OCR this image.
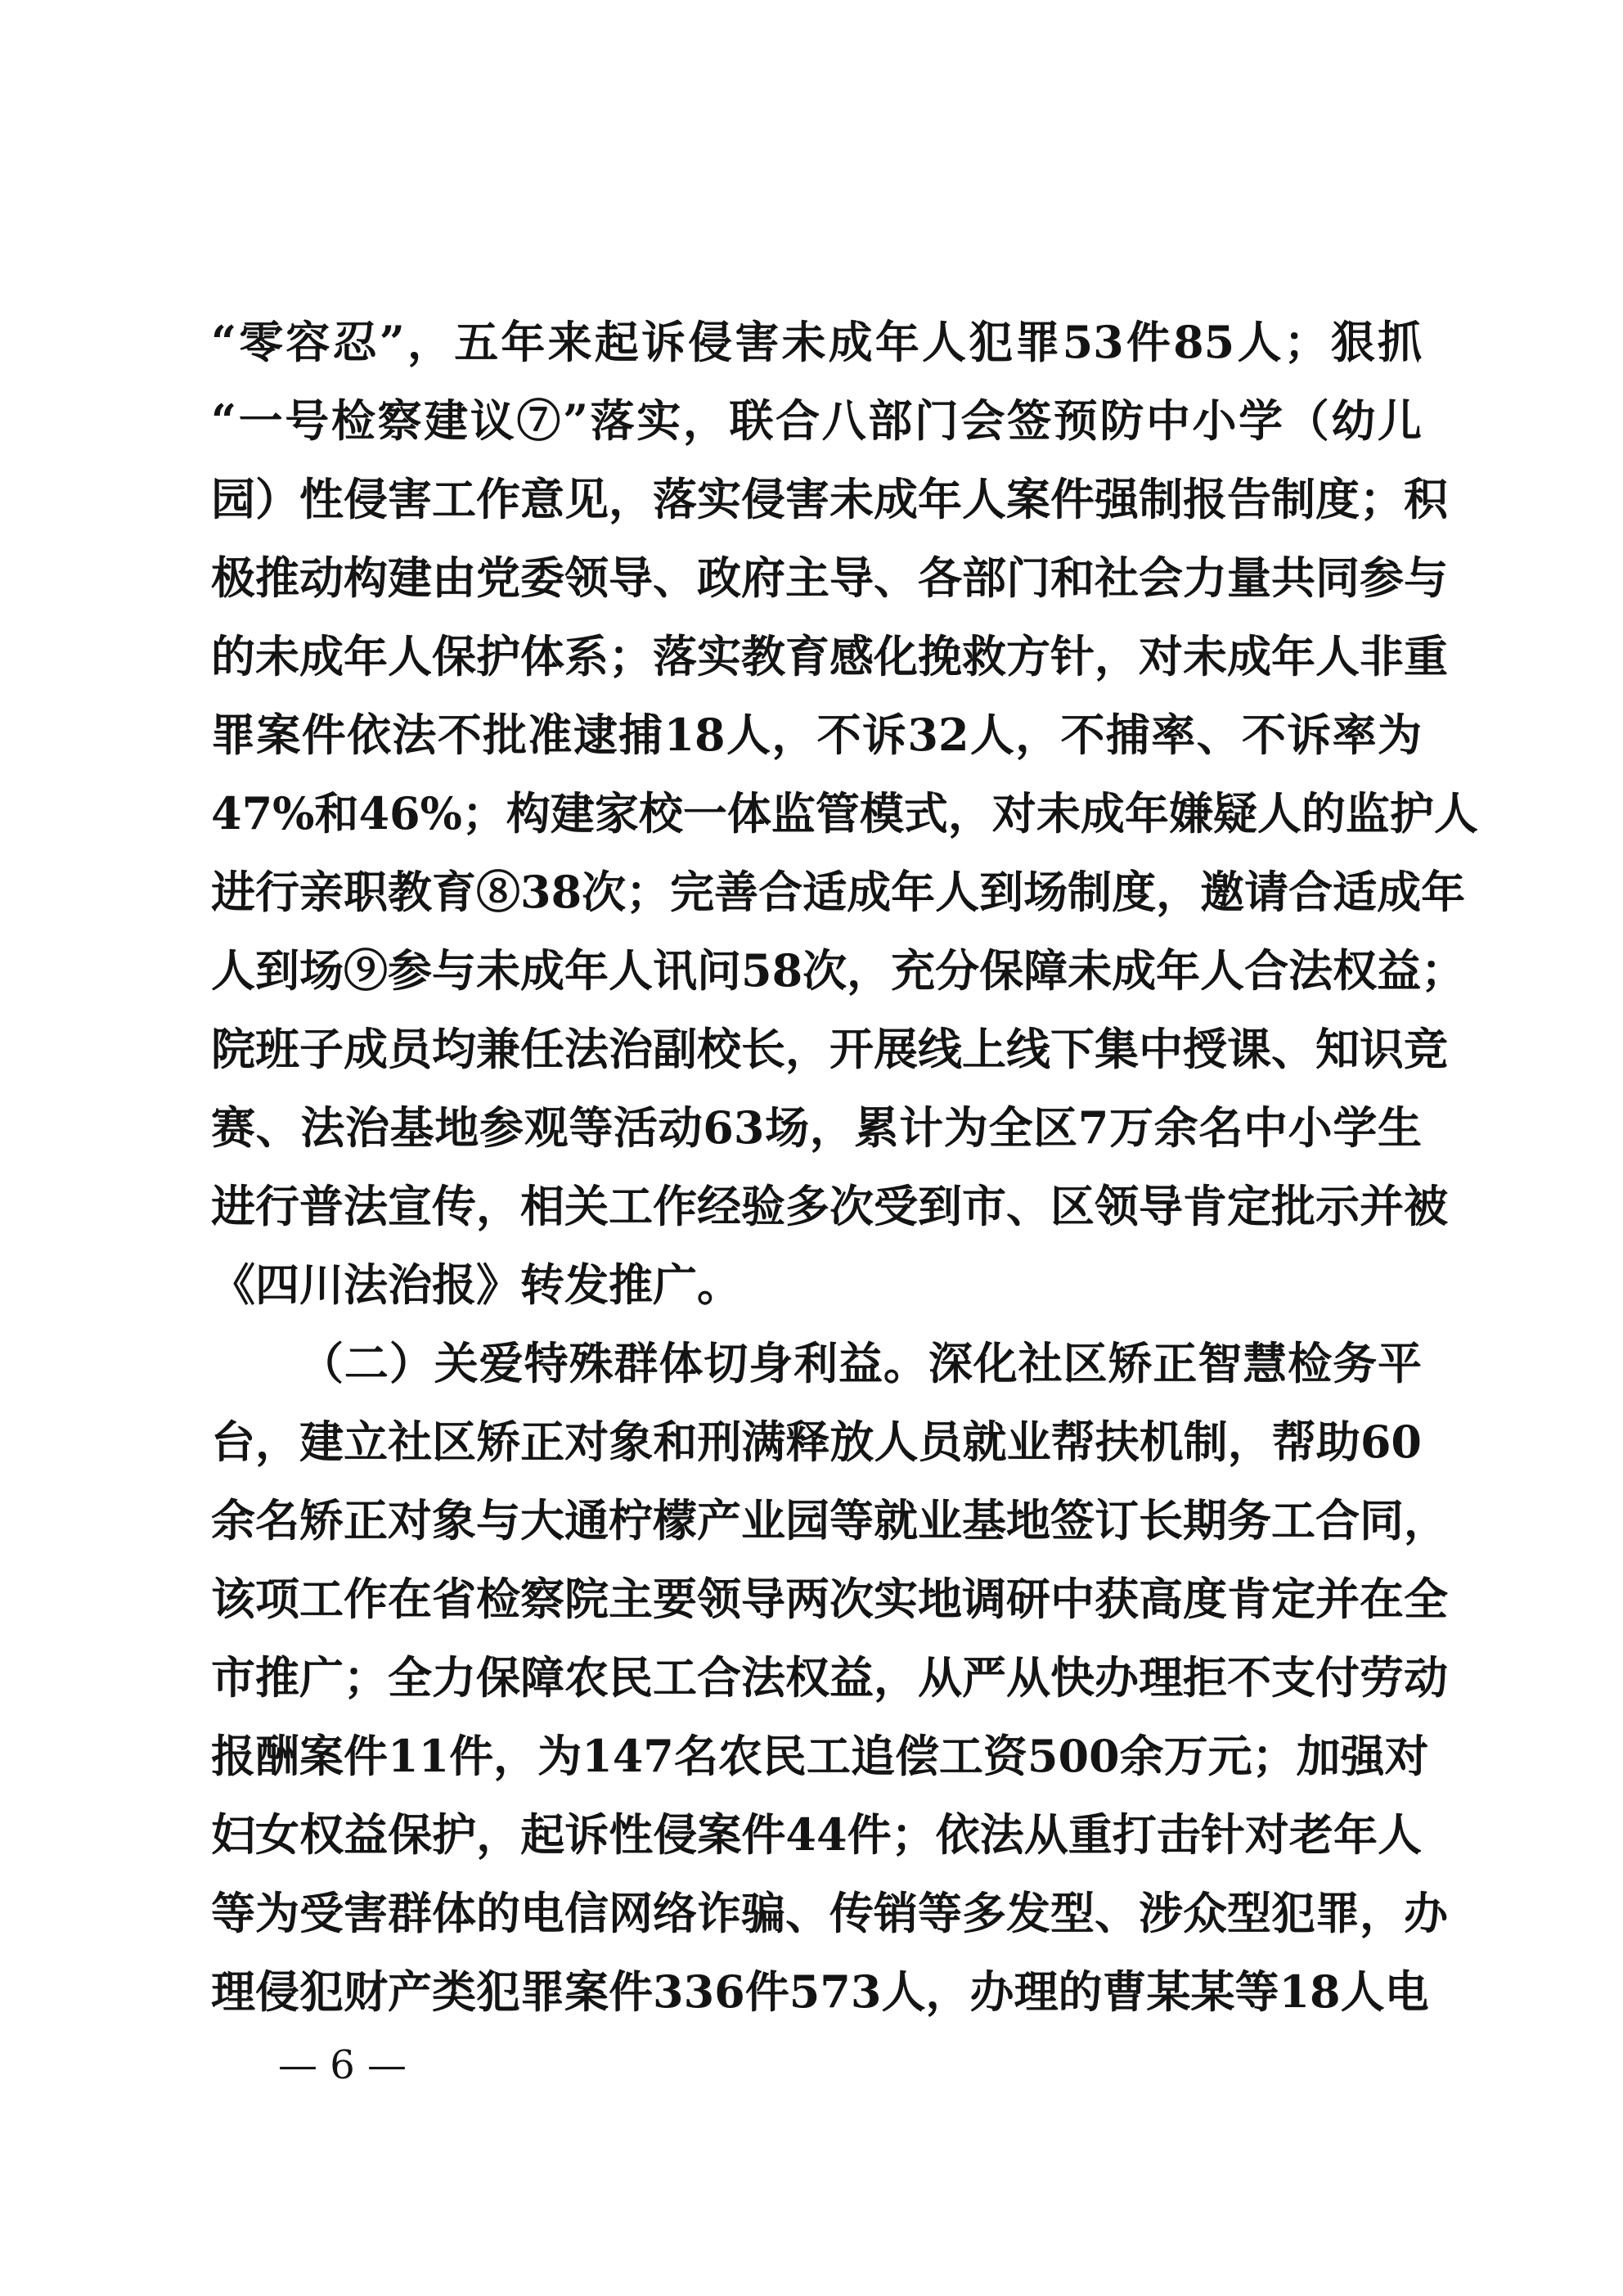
“零容忍”，五年来起诉侵害未成年人犯罪53件85人；狠抓
“一号检察建议⑦”落实，联合八部门会签预防中小学（幼儿
园）性侵害工作意见，落实侵害未成年人案件强制报告制度；积
极推动构建由党委领导、政府主导、各部门和社会力量共同参与
的未成年人保护体系；落实教育感化挽救方针，对未成年人非重
罪案件依法不批准逮捕18人，不诉32人，不捕率、不诉率为
47%和46%；构建家校一体监管模式，对未成年嫌疑人的监护人
进行亲职教育⑧38次；完善合适成年人到场制度，邀请合适成年
人到场⑨参与未成年人讯问58次，充分保障未成年人合法权益；
院班子成员均兼任法治副校长，开展线上线下集中授课、知识竞
赛、法治基地参观等活动63场，累计为全区7万余名中小学生
进行普法宣传，相关工作经验多次受到市、区领导肯定批示并被
《四川法治报》转发推广。
（二）关爱特殊群体切身利益。深化社区矫正智慧检务平
台，建立社区矫正对象和刑满释放人员就业帮扶机制，帮助60
余名矫正对象与大通柠檬产业园等就业基地签订长期务工合同，
该项工作在省检察院主要领导两次实地调研中获高度肯定并在全
市推广；全力保障农民工合法权益，从严从快办理拒不支付劳动
报酬案件11件，为147名农民工追偿工资500余万元；加强对
妇女权益保护，起诉性侵案件44件；依法从重打击针对老年人
等为受害群体的电信网络诈骗、传销等多发型、涉众型犯罪，办
理侵犯财产类犯罪案件336件573人，办理的曹某某等18人电
— 6 —
